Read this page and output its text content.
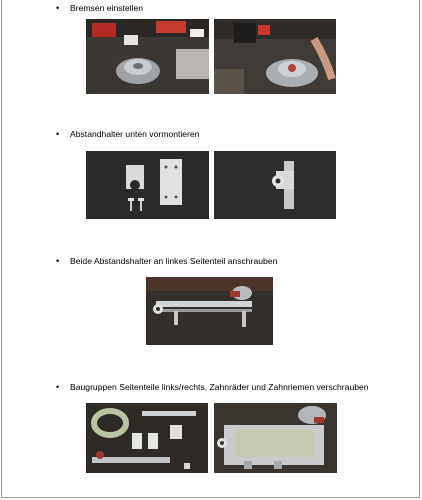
• Bremsen einstellen
• Abstandhalter unten vormontieren
• Beide Abstandshalter an linkes Seitenteil anschrauben
• Baugruppen Seitenteile links/rechts, Zahnräder und Zahnriemen verschrauben
